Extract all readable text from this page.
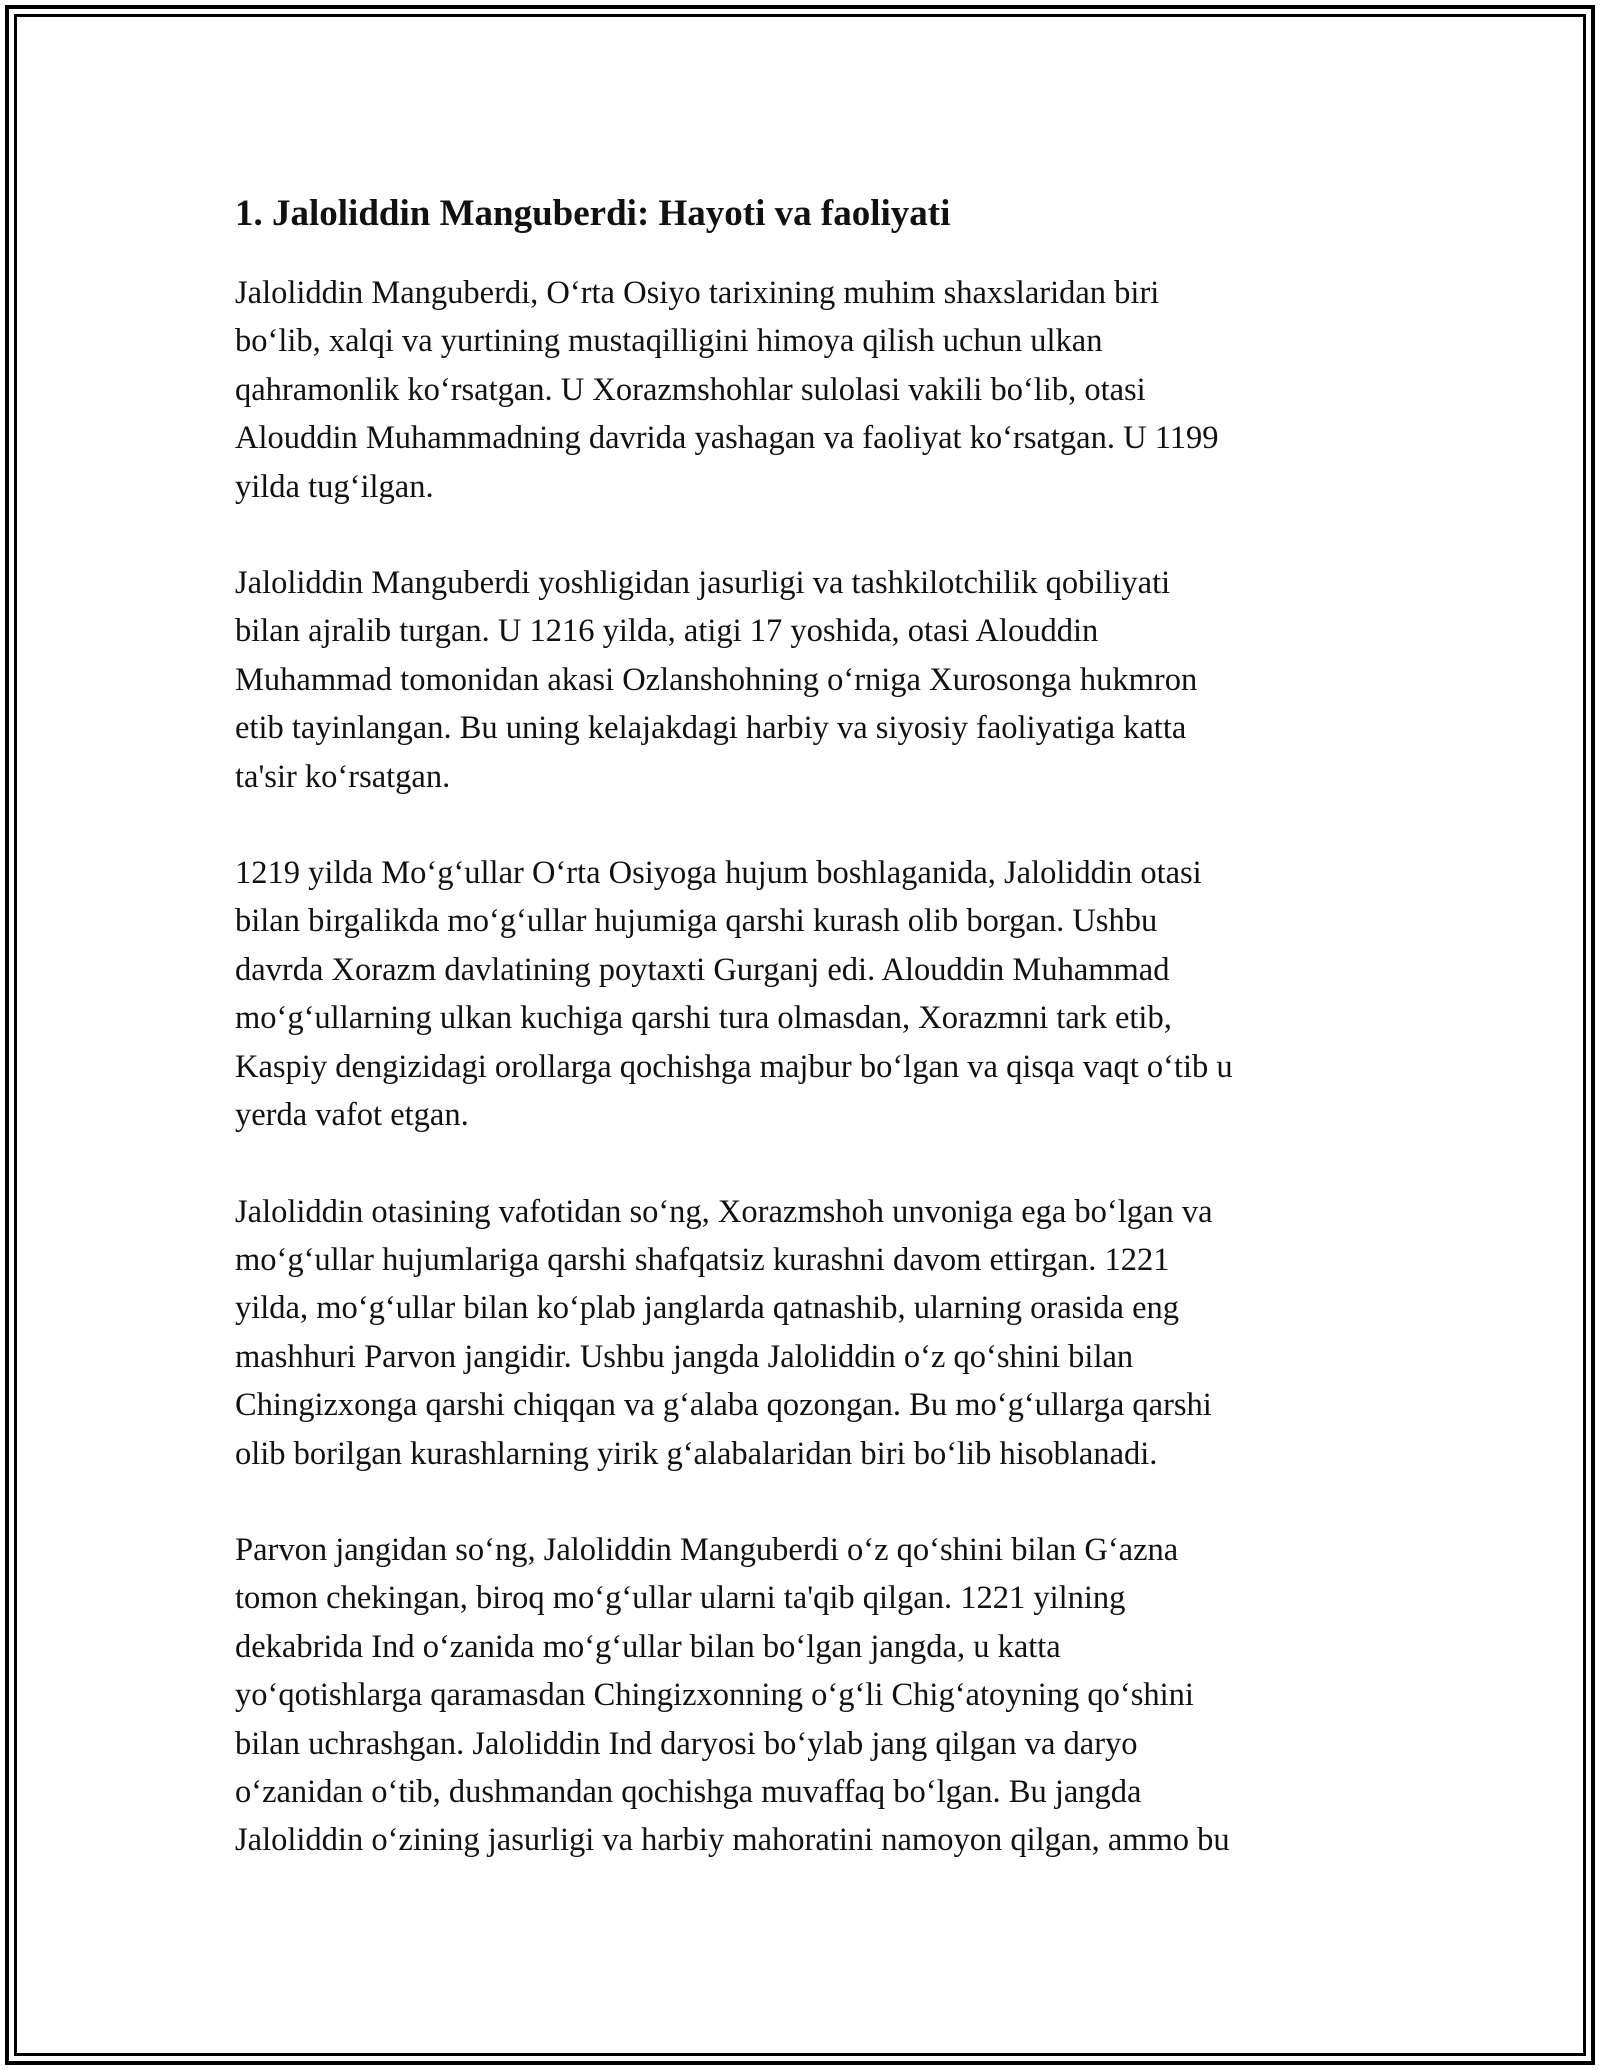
1. Jaloliddin Manguberdi: Hayoti va faoliyati

Jaloliddin Manguberdi, O‘rta Osiyo tarixining muhim shaxslaridan biri
bo‘lib, xalqi va yurtining mustaqilligini himoya qilish uchun ulkan
qahramonlik ko‘rsatgan. U Xorazmshohlar sulolasi vakili bo‘lib, otasi
Alouddin Muhammadning davrida yashagan va faoliyat ko‘rsatgan. U 1199
yilda tug‘ilgan.

Jaloliddin Manguberdi yoshligidan jasurligi va tashkilotchilik qobiliyati
bilan ajralib turgan. U 1216 yilda, atigi 17 yoshida, otasi Alouddin
Muhammad tomonidan akasi Ozlanshohning o‘rniga Xurosonga hukmron
etib tayinlangan. Bu uning kelajakdagi harbiy va siyosiy faoliyatiga katta
ta'sir ko‘rsatgan.

1219 yilda Mo‘g‘ullar O‘rta Osiyoga hujum boshlaganida, Jaloliddin otasi
bilan birgalikda mo‘g‘ullar hujumiga qarshi kurash olib borgan. Ushbu
davrda Xorazm davlatining poytaxti Gurganj edi. Alouddin Muhammad
mo‘g‘ullarning ulkan kuchiga qarshi tura olmasdan, Xorazmni tark etib,
Kaspiy dengizidagi orollarga qochishga majbur bo‘lgan va qisqa vaqt o‘tib u
yerda vafot etgan.

Jaloliddin otasining vafotidan so‘ng, Xorazmshoh unvoniga ega bo‘lgan va
mo‘g‘ullar hujumlariga qarshi shafqatsiz kurashni davom ettirgan. 1221
yilda, mo‘g‘ullar bilan ko‘plab janglarda qatnashib, ularning orasida eng
mashhuri Parvon jangidir. Ushbu jangda Jaloliddin o‘z qo‘shini bilan
Chingizxonga qarshi chiqqan va g‘alaba qozongan. Bu mo‘g‘ullarga qarshi
olib borilgan kurashlarning yirik g‘alabalaridan biri bo‘lib hisoblanadi.

Parvon jangidan so‘ng, Jaloliddin Manguberdi o‘z qo‘shini bilan G‘azna
tomon chekingan, biroq mo‘g‘ullar ularni ta'qib qilgan. 1221 yilning
dekabrida Ind o‘zanida mo‘g‘ullar bilan bo‘lgan jangda, u katta
yo‘qotishlarga qaramasdan Chingizxonning o‘g‘li Chig‘atoyning qo‘shini
bilan uchrashgan. Jaloliddin Ind daryosi bo‘ylab jang qilgan va daryo
o‘zanidan o‘tib, dushmandan qochishga muvaffaq bo‘lgan. Bu jangda
Jaloliddin o‘zining jasurligi va harbiy mahoratini namoyon qilgan, ammo bu
